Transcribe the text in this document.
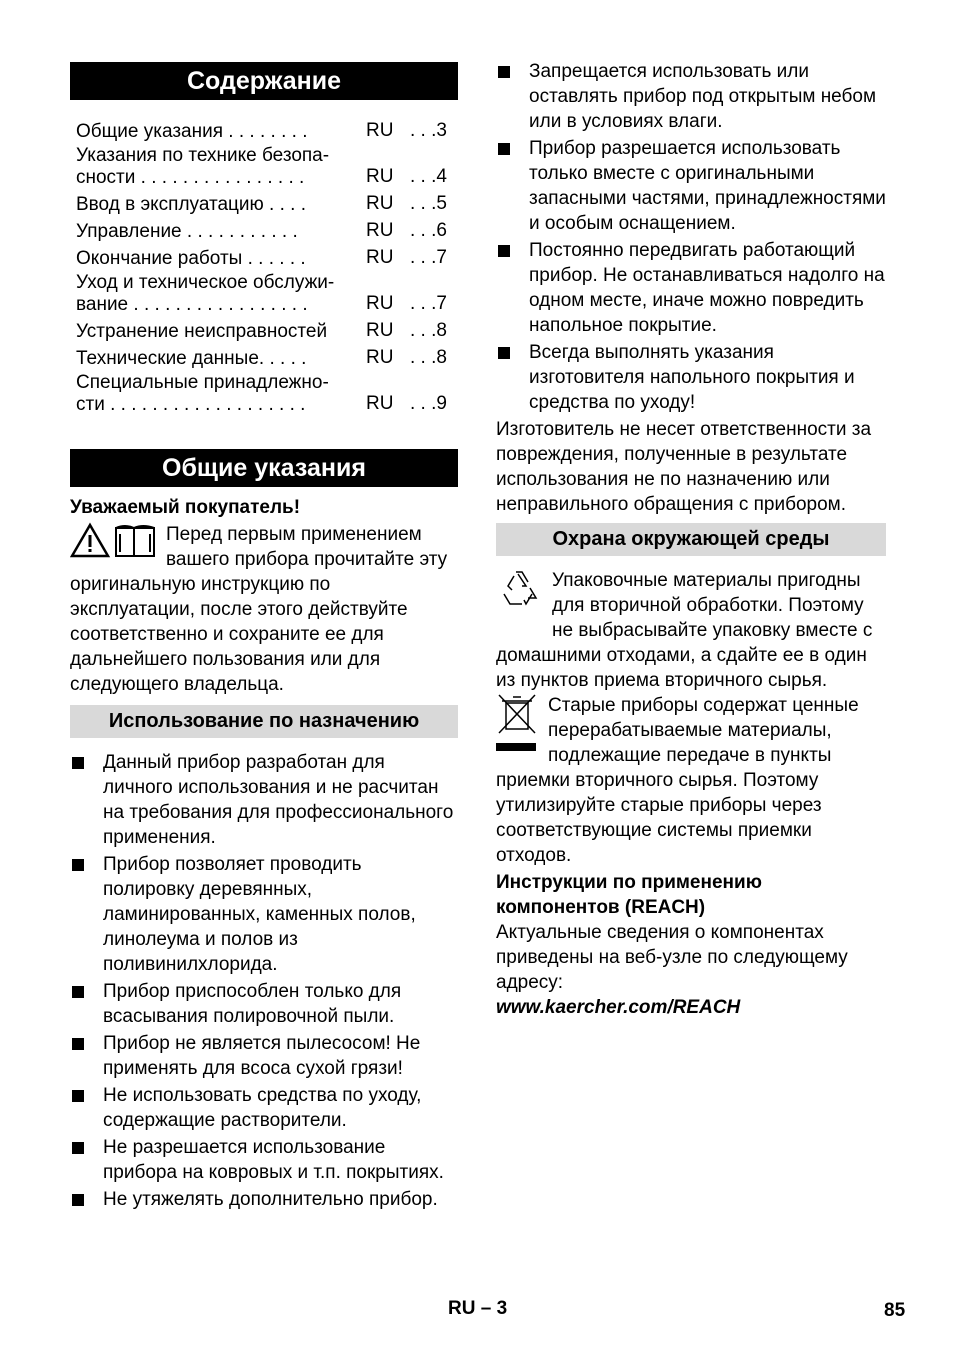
Содержание
Общие указания . . . . . . . .	RU . . .3
Указания по технике безопа-
сности . . . . . . . . . . . . . . . .	RU . . .4
Ввод в эксплуатацию . . . .	RU . . .5
Управление . . . . . . . . . . .	RU . . .6
Окончание работы . . . . . .	RU . . .7
Уход и техническое обслужи-
вание . . . . . . . . . . . . . . . . .	RU . . .7
Устранение неисправностей	RU . . .8
Технические данные. . . . .	RU . . .8
Специальные принадлежно-
сти . . . . . . . . . . . . . . . . . . .	RU . . .9
Общие указания

Уважаемый покупатель!

Перед первым применением вашего прибора прочитайте эту оригинальную инструкцию по эксплуатации, после этого действуйте соответственно и сохраните ее для дальнейшего пользования или для следующего владельца.
Использование по назначению
Данный прибор разработан для личного использования и не расчитан на требования для профессионального применения.
Прибор позволяет проводить полировку деревянных, ламинированных, каменных полов, линолеума и полов из поливинилхлорида.
Прибор приспособлен только для всасывания полировочной пыли.
Прибор не является пылесосом! Не применять для всоса сухой грязи!
Не использовать средства по уходу, содержащие растворители.
Не разрешается использование прибора на ковровых и т.п. покрытиях.
Не утяжелять дополнительно прибор.
Запрещается использовать или оставлять прибор под открытым небом или в условиях влаги.
Прибор разрешается использовать только вместе с оригинальными запасными частями, принадлежностями и особым оснащением.
Постоянно передвигать работающий прибор. Не останавливаться надолго на одном месте, иначе можно повредить напольное покрытие.
Всегда выполнять указания изготовителя напольного покрытия и средства по уходу!

Изготовитель не несет ответственности за повреждения, полученные в результате использования не по назначению или неправильного обращения с прибором.

Охрана окружающей среды
Упаковочные материалы пригодны для вторичной обработки. Поэтому не выбрасывайте упаковку вместе с домашними отходами, а сдайте ее в один из пунктов приема вторичного сырья.
Старые приборы содержат ценные перерабатываемые материалы, подлежащие передаче в пункты приемки вторичного сырья. Поэтому утилизируйте старые приборы через соответствующие системы приемки отходов.

Инструкции по применению компонентов (REACH)

Актуальные сведения о компонентах приведены на веб-узле по следующему адресу:

www.kaercher.com/REACH

RU – 3	85
